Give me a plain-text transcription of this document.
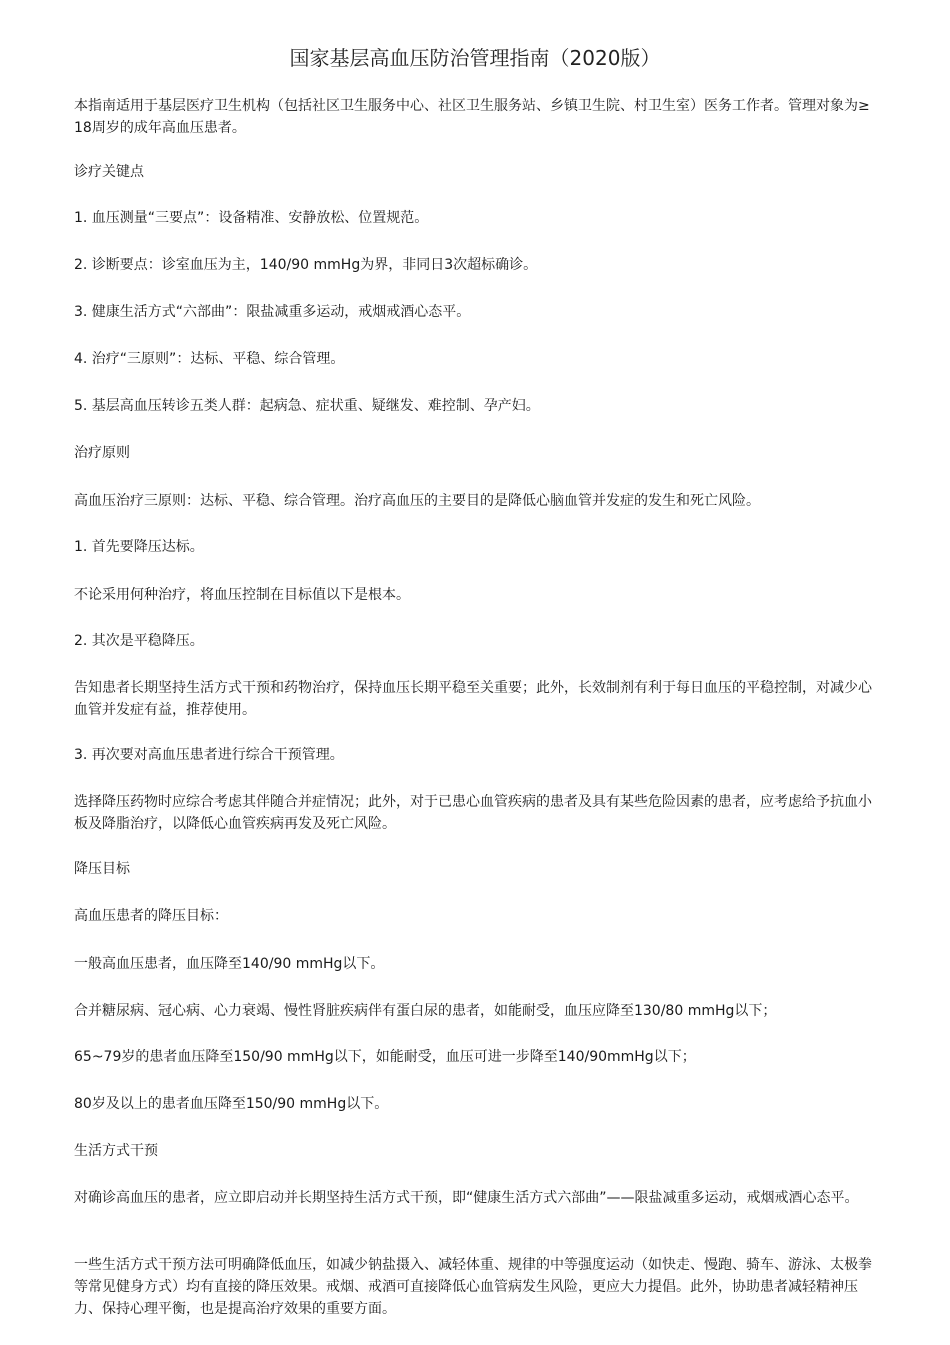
国家基层高血压防治管理指南（2020版）
本指南适用于基层医疗卫生机构（包括社区卫生服务中心、社区卫生服务站、乡镇卫生院、村卫生室）医务工作者。管理对象为≥18周岁的成年高血压患者。
诊疗关键点
1. 血压测量“三要点”：设备精准、安静放松、位置规范。
2. 诊断要点：诊室血压为主，140/90 mmHg为界，非同日3次超标确诊。
3. 健康生活方式“六部曲”：限盐减重多运动，戒烟戒酒心态平。
4. 治疗“三原则”：达标、平稳、综合管理。
5. 基层高血压转诊五类人群：起病急、症状重、疑继发、难控制、孕产妇。
治疗原则
高血压治疗三原则：达标、平稳、综合管理。治疗高血压的主要目的是降低心脑血管并发症的发生和死亡风险。
1. 首先要降压达标。
不论采用何种治疗，将血压控制在目标值以下是根本。
2. 其次是平稳降压。
告知患者长期坚持生活方式干预和药物治疗，保持血压长期平稳至关重要；此外，长效制剂有利于每日血压的平稳控制，对减少心血管并发症有益，推荐使用。
3. 再次要对高血压患者进行综合干预管理。
选择降压药物时应综合考虑其伴随合并症情况；此外，对于已患心血管疾病的患者及具有某些危险因素的患者，应考虑给予抗血小板及降脂治疗，以降低心血管疾病再发及死亡风险。
降压目标
高血压患者的降压目标：
一般高血压患者，血压降至140/90 mmHg以下。
合并糖尿病、冠心病、心力衰竭、慢性肾脏疾病伴有蛋白尿的患者，如能耐受，血压应降至130/80 mmHg以下；
65~79岁的患者血压降至150/90 mmHg以下，如能耐受，血压可进一步降至140/90mmHg以下；
80岁及以上的患者血压降至150/90 mmHg以下。
生活方式干预
对确诊高血压的患者，应立即启动并长期坚持生活方式干预，即“健康生活方式六部曲”——限盐减重多运动，戒烟戒酒心态平。
一些生活方式干预方法可明确降低血压，如减少钠盐摄入、减轻体重、规律的中等强度运动（如快走、慢跑、骑车、游泳、太极拳等常见健身方式）均有直接的降压效果。戒烟、戒酒可直接降低心血管病发生风险，更应大力提倡。此外，协助患者减轻精神压力、保持心理平衡，也是提高治疗效果的重要方面。
